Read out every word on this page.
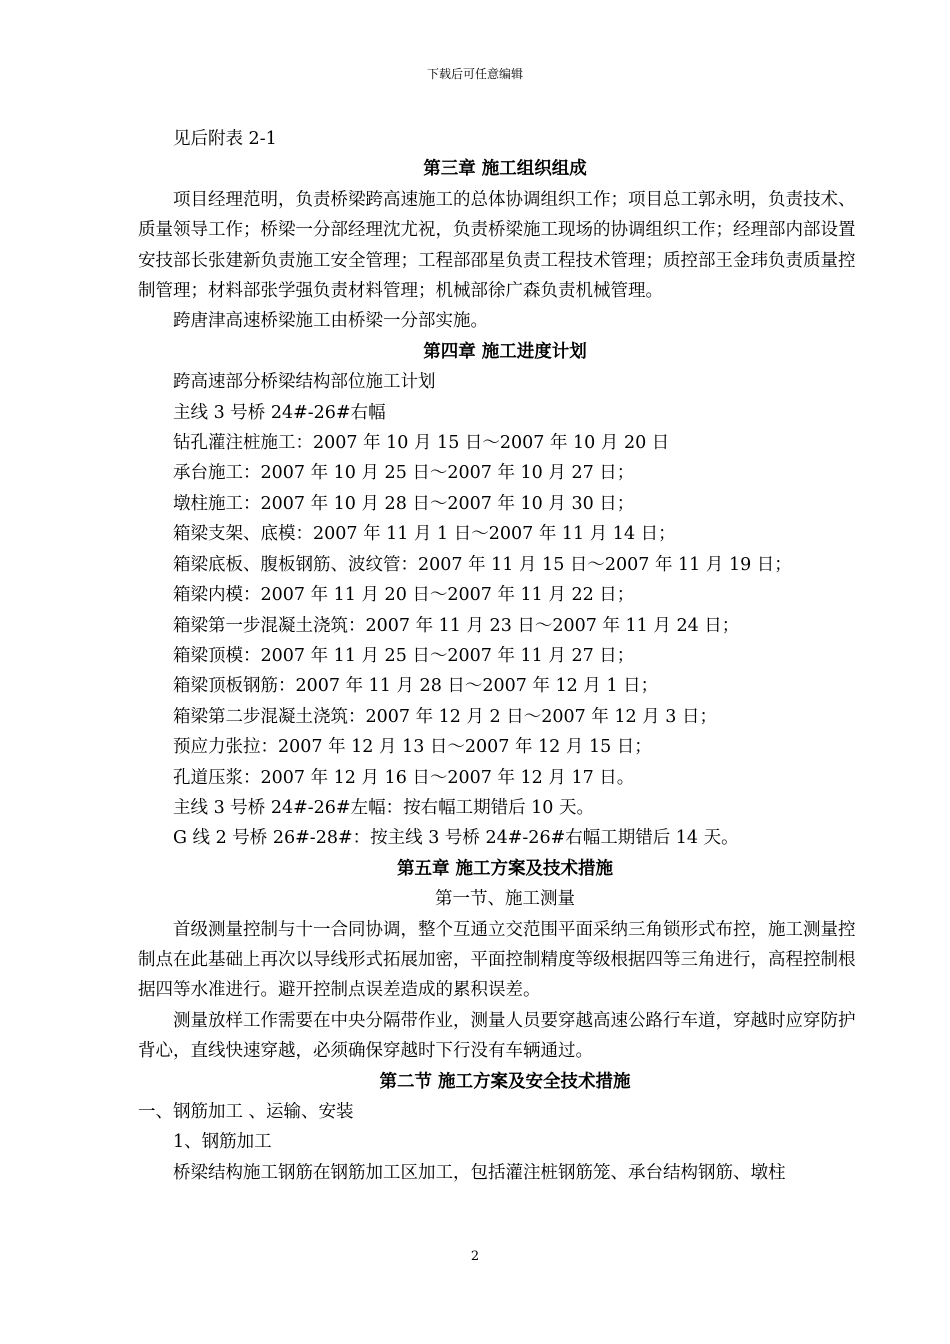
下载后可任意编辑

见后附表 2-1

第三章 施工组织组成

项目经理范明，负责桥梁跨高速施工的总体协调组织工作；项目总工郭永明，负责技术、质量领导工作；桥梁一分部经理沈尤祝，负责桥梁施工现场的协调组织工作；经理部内部设置安技部长张建新负责施工安全管理；工程部邵星负责工程技术管理；质控部王金玮负责质量控制管理；材料部张学强负责材料管理；机械部徐广森负责机械管理。

跨唐津高速桥梁施工由桥梁一分部实施。

第四章 施工进度计划

跨高速部分桥梁结构部位施工计划

主线 3 号桥 24#-26#右幅

钻孔灌注桩施工：2007 年 10 月 15 日～2007 年 10 月 20 日

承台施工：2007 年 10 月 25 日～2007 年 10 月 27 日；

墩柱施工：2007 年 10 月 28 日～2007 年 10 月 30 日；

箱梁支架、底模：2007 年 11 月 1 日～2007 年 11 月 14 日；

箱梁底板、腹板钢筋、波纹管：2007 年 11 月 15 日～2007 年 11 月 19 日；

箱梁内模：2007 年 11 月 20 日～2007 年 11 月 22 日；

箱梁第一步混凝土浇筑：2007 年 11 月 23 日～2007 年 11 月 24 日；

箱梁顶模：2007 年 11 月 25 日～2007 年 11 月 27 日；

箱梁顶板钢筋：2007 年 11 月 28 日～2007 年 12 月 1 日；

箱梁第二步混凝土浇筑：2007 年 12 月 2 日～2007 年 12 月 3 日；

预应力张拉：2007 年 12 月 13 日～2007 年 12 月 15 日；

孔道压浆：2007 年 12 月 16 日～2007 年 12 月 17 日。

主线 3 号桥 24#-26#左幅：按右幅工期错后 10 天。

G 线 2 号桥 26#-28#：按主线 3 号桥 24#-26#右幅工期错后 14 天。

第五章 施工方案及技术措施

第一节、施工测量

首级测量控制与十一合同协调，整个互通立交范围平面采纳三角锁形式布控，施工测量控制点在此基础上再次以导线形式拓展加密，平面控制精度等级根据四等三角进行，高程控制根据四等水准进行。避开控制点误差造成的累积误差。

测量放样工作需要在中央分隔带作业，测量人员要穿越高速公路行车道，穿越时应穿防护背心，直线快速穿越，必须确保穿越时下行没有车辆通过。

第二节 施工方案及安全技术措施

一、钢筋加工 、运输、安装

1、钢筋加工

桥梁结构施工钢筋在钢筋加工区加工，包括灌注桩钢筋笼、承台结构钢筋、墩柱

2
